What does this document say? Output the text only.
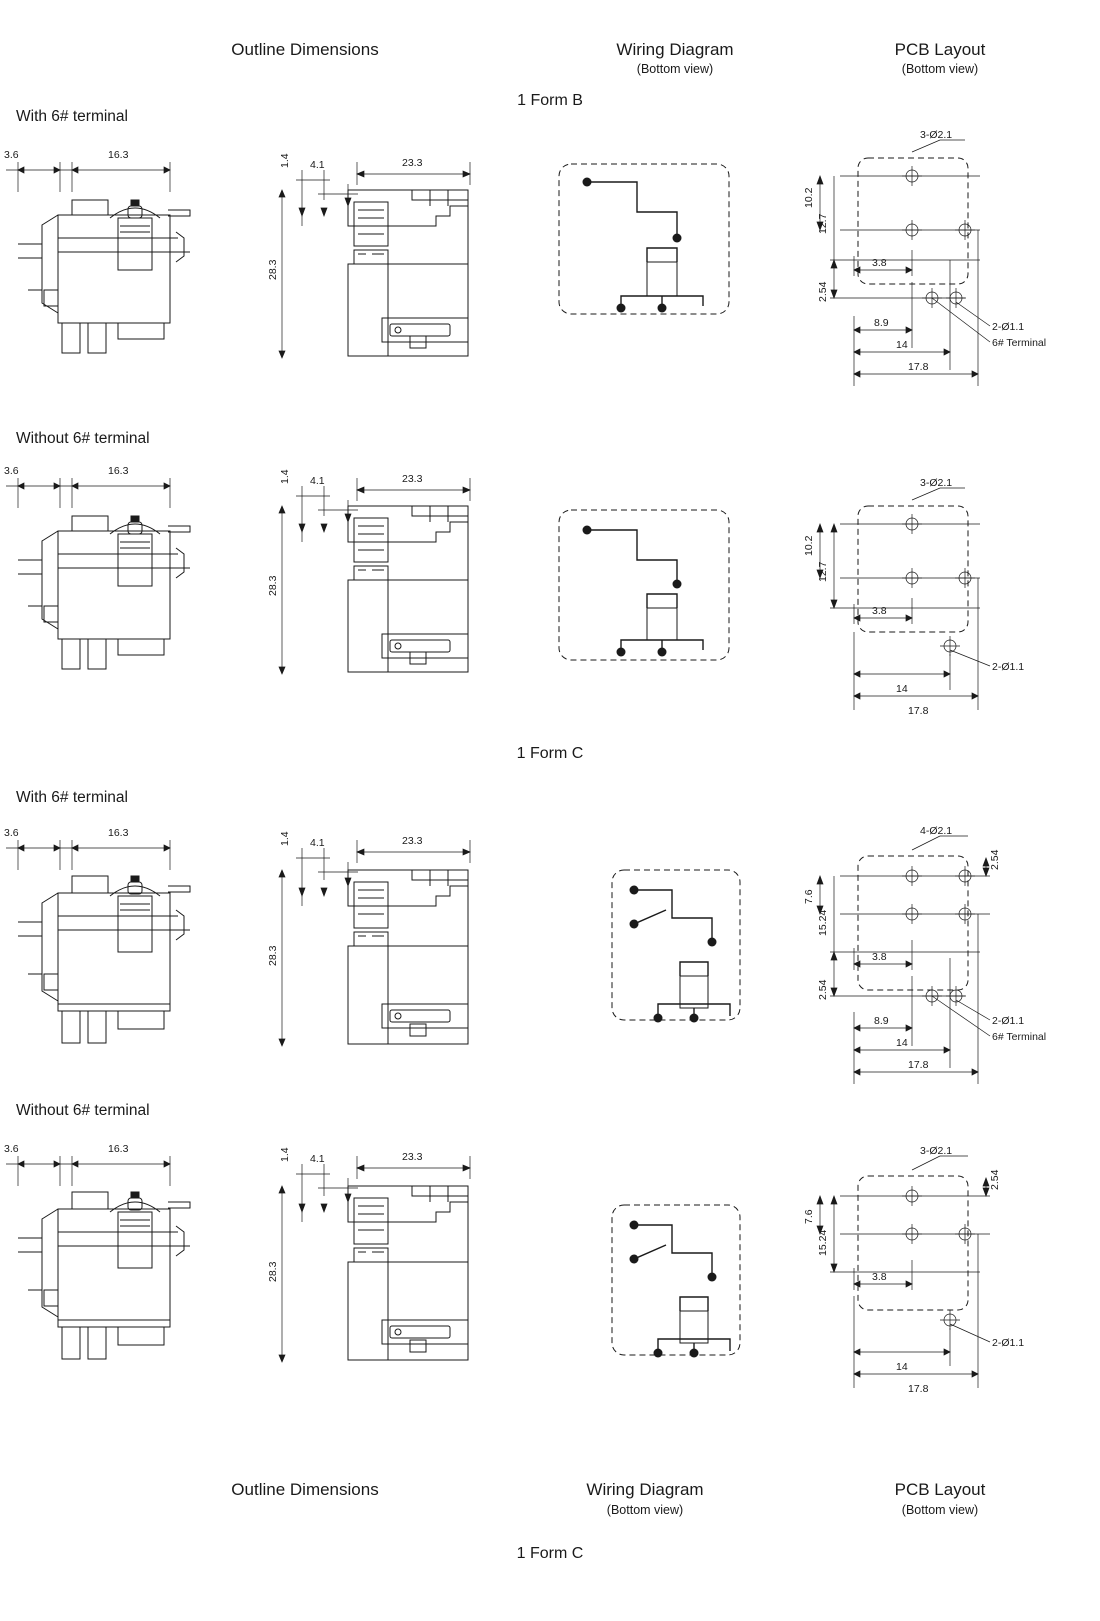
Outline Dimensions	Wiring Diagram
(Bottom view)
PCB Layout
(Bottom view)
1 Form B
With 6# terminal
3.6	16.3	1.4 4.1	23.3
28.3
3-Ø2.1
10.2
12.7
2.54
3.8
8.9
14
17.8
2-Ø1.1
6# Terminal
Without 6# terminal
3.6	16.3	1.4 4.1	23.3
28.3
3-Ø2.1
10.2
12.7
3.8
14
17.8
2-Ø1.1
1 Form C
With 6# terminal
3.6	16.3	1.4 4.1	23.3
28.3
4-Ø2.1
2.54
7.6
15.24
2.54
3.8
8.9
14
17.8
2-Ø1.1
6# Terminal
Without 6# terminal
3.6	16.3	1.4 4.1	23.3
28.3
3-Ø2.1
2.54
7.6
15.24
3.8
14
17.8
2-Ø1.1
Outline Dimensions	Wiring Diagram
(Bottom view)
PCB Layout
(Bottom view)
1 Form C
